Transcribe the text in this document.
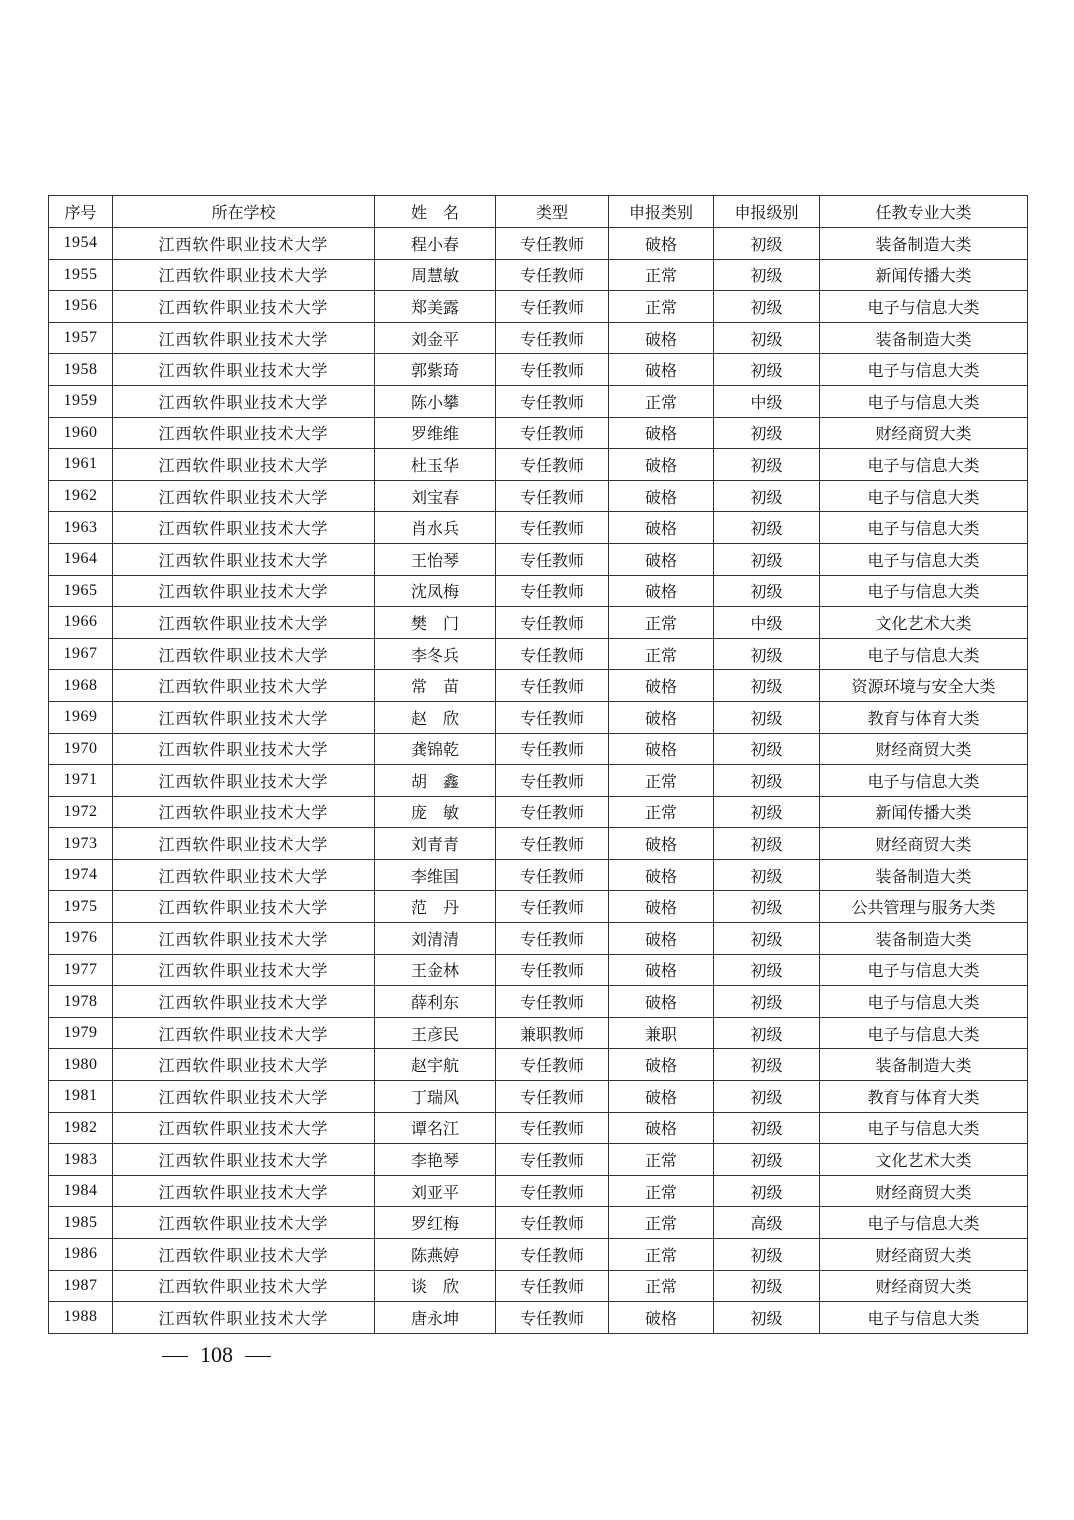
序号	所在学校	姓　名	类型	申报类别	申报级别	任教专业大类
1954	江西软件职业技术大学	程小春	专任教师	破格	初级	装备制造大类
1955	江西软件职业技术大学	周慧敏	专任教师	正常	初级	新闻传播大类
1956	江西软件职业技术大学	郑美露	专任教师	正常	初级	电子与信息大类
1957	江西软件职业技术大学	刘金平	专任教师	破格	初级	装备制造大类
1958	江西软件职业技术大学	郭紫琦	专任教师	破格	初级	电子与信息大类
1959	江西软件职业技术大学	陈小攀	专任教师	正常	中级	电子与信息大类
1960	江西软件职业技术大学	罗维维	专任教师	破格	初级	财经商贸大类
1961	江西软件职业技术大学	杜玉华	专任教师	破格	初级	电子与信息大类
1962	江西软件职业技术大学	刘宝春	专任教师	破格	初级	电子与信息大类
1963	江西软件职业技术大学	肖水兵	专任教师	破格	初级	电子与信息大类
1964	江西软件职业技术大学	王怡琴	专任教师	破格	初级	电子与信息大类
1965	江西软件职业技术大学	沈凤梅	专任教师	破格	初级	电子与信息大类
1966	江西软件职业技术大学	樊　门	专任教师	正常	中级	文化艺术大类
1967	江西软件职业技术大学	李冬兵	专任教师	正常	初级	电子与信息大类
1968	江西软件职业技术大学	常　苗	专任教师	破格	初级	资源环境与安全大类
1969	江西软件职业技术大学	赵　欣	专任教师	破格	初级	教育与体育大类
1970	江西软件职业技术大学	龚锦乾	专任教师	破格	初级	财经商贸大类
1971	江西软件职业技术大学	胡　鑫	专任教师	正常	初级	电子与信息大类
1972	江西软件职业技术大学	庞　敏	专任教师	正常	初级	新闻传播大类
1973	江西软件职业技术大学	刘青青	专任教师	破格	初级	财经商贸大类
1974	江西软件职业技术大学	李维国	专任教师	破格	初级	装备制造大类
1975	江西软件职业技术大学	范　丹	专任教师	破格	初级	公共管理与服务大类
1976	江西软件职业技术大学	刘清清	专任教师	破格	初级	装备制造大类
1977	江西软件职业技术大学	王金林	专任教师	破格	初级	电子与信息大类
1978	江西软件职业技术大学	薛利东	专任教师	破格	初级	电子与信息大类
1979	江西软件职业技术大学	王彦民	兼职教师	兼职	初级	电子与信息大类
1980	江西软件职业技术大学	赵宇航	专任教师	破格	初级	装备制造大类
1981	江西软件职业技术大学	丁瑞风	专任教师	破格	初级	教育与体育大类
1982	江西软件职业技术大学	谭名江	专任教师	破格	初级	电子与信息大类
1983	江西软件职业技术大学	李艳琴	专任教师	正常	初级	文化艺术大类
1984	江西软件职业技术大学	刘亚平	专任教师	正常	初级	财经商贸大类
1985	江西软件职业技术大学	罗红梅	专任教师	正常	高级	电子与信息大类
1986	江西软件职业技术大学	陈燕婷	专任教师	正常	初级	财经商贸大类
1987	江西软件职业技术大学	谈　欣	专任教师	正常	初级	财经商贸大类
1988	江西软件职业技术大学	唐永坤	专任教师	破格	初级	电子与信息大类
108
